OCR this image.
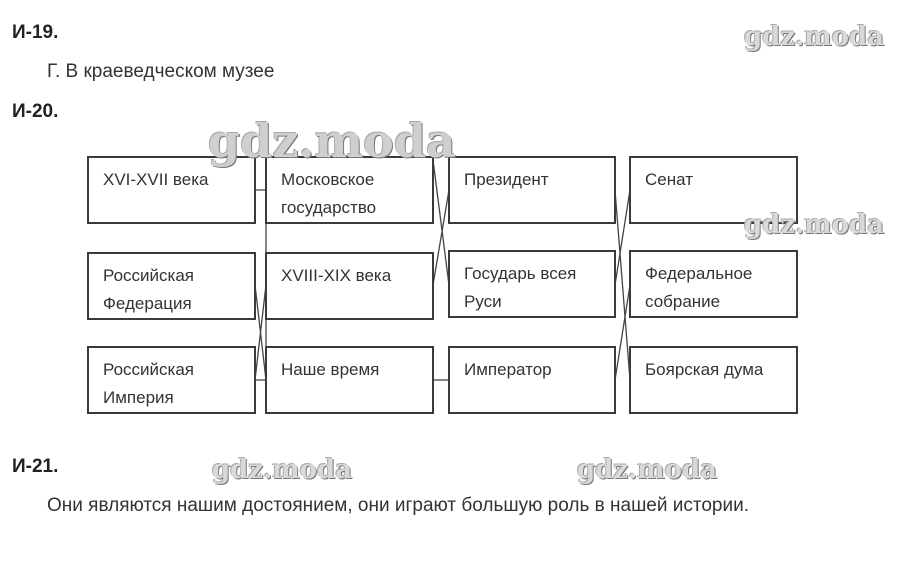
И-19.
Г. В краеведческом музее
И-20.
XVI-XVII века
Российская Федерация
Российская Империя
Московское государство
XVIII-XIX века
Наше время
Президент
Государь всея Руси
Император
Сенат
Федеральное собрание
Боярская дума
И-21.
Они являются нашим достоянием, они играют большую роль в нашей истории.
gdz.moda
gdz.moda
gdz.moda
gdz.moda	gdz.moda
